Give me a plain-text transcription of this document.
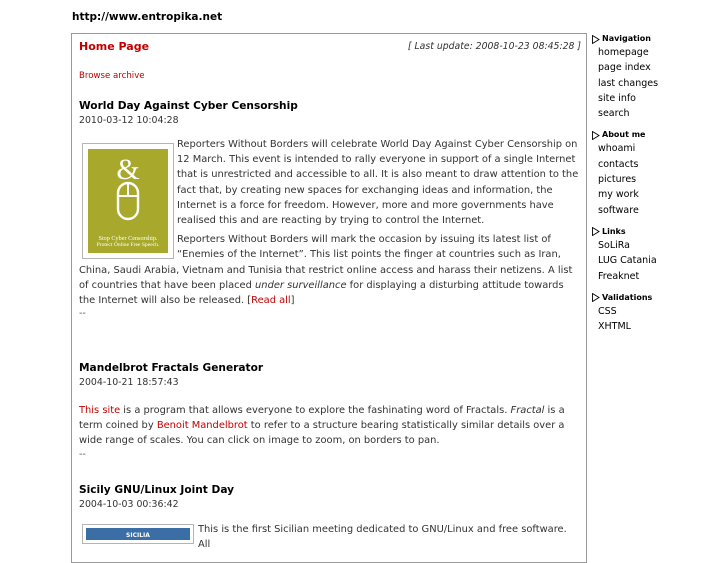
http://www.entropika.net
Home Page	[ Last update: 2008-10-23 08:45:28 ]
Browse archive
World Day Against Cyber Censorship
2010-03-12 10:04:28
&
Stop Cyber Censorship.
Protect Online Free Speech.
Reporters Without Borders will celebrate World Day Against Cyber Censorship on 12 March. This event is intended to rally everyone in support of a single Internet that is unrestricted and accessible to all. It is also meant to draw attention to the fact that, by creating new spaces for exchanging ideas and information, the Internet is a force for freedom. However, more and more governments have realised this and are reacting by trying to control the Internet.
Reporters Without Borders will mark the occasion by issuing its latest list of “Enemies of the Internet”. This list points the finger at countries such as Iran, China, Saudi Arabia, Vietnam and Tunisia that restrict online access and harass their netizens. A list of countries that have been placed under surveillance for displaying a disturbing attitude towards the Internet will also be released. [Read all]
--
Mandelbrot Fractals Generator
2004-10-21 18:57:43
This site is a program that allows everyone to explore the fashinating word of Fractals. Fractal is a term coined by Benoit Mandelbrot to refer to a structure bearing statistically similar details over a wide range of scales. You can click on image to zoom, on borders to pan.
--
Sicily GNU/Linux Joint Day
2004-10-03 00:36:42
SICILIA
This is the first Sicilian meeting dedicated to GNU/Linux and free software. All
Navigation
homepage
page index
last changes
site info
search
About me
whoami
contacts
pictures
my work
software
Links
SoLiRa
LUG Catania
Freaknet
Validations
CSS
XHTML
